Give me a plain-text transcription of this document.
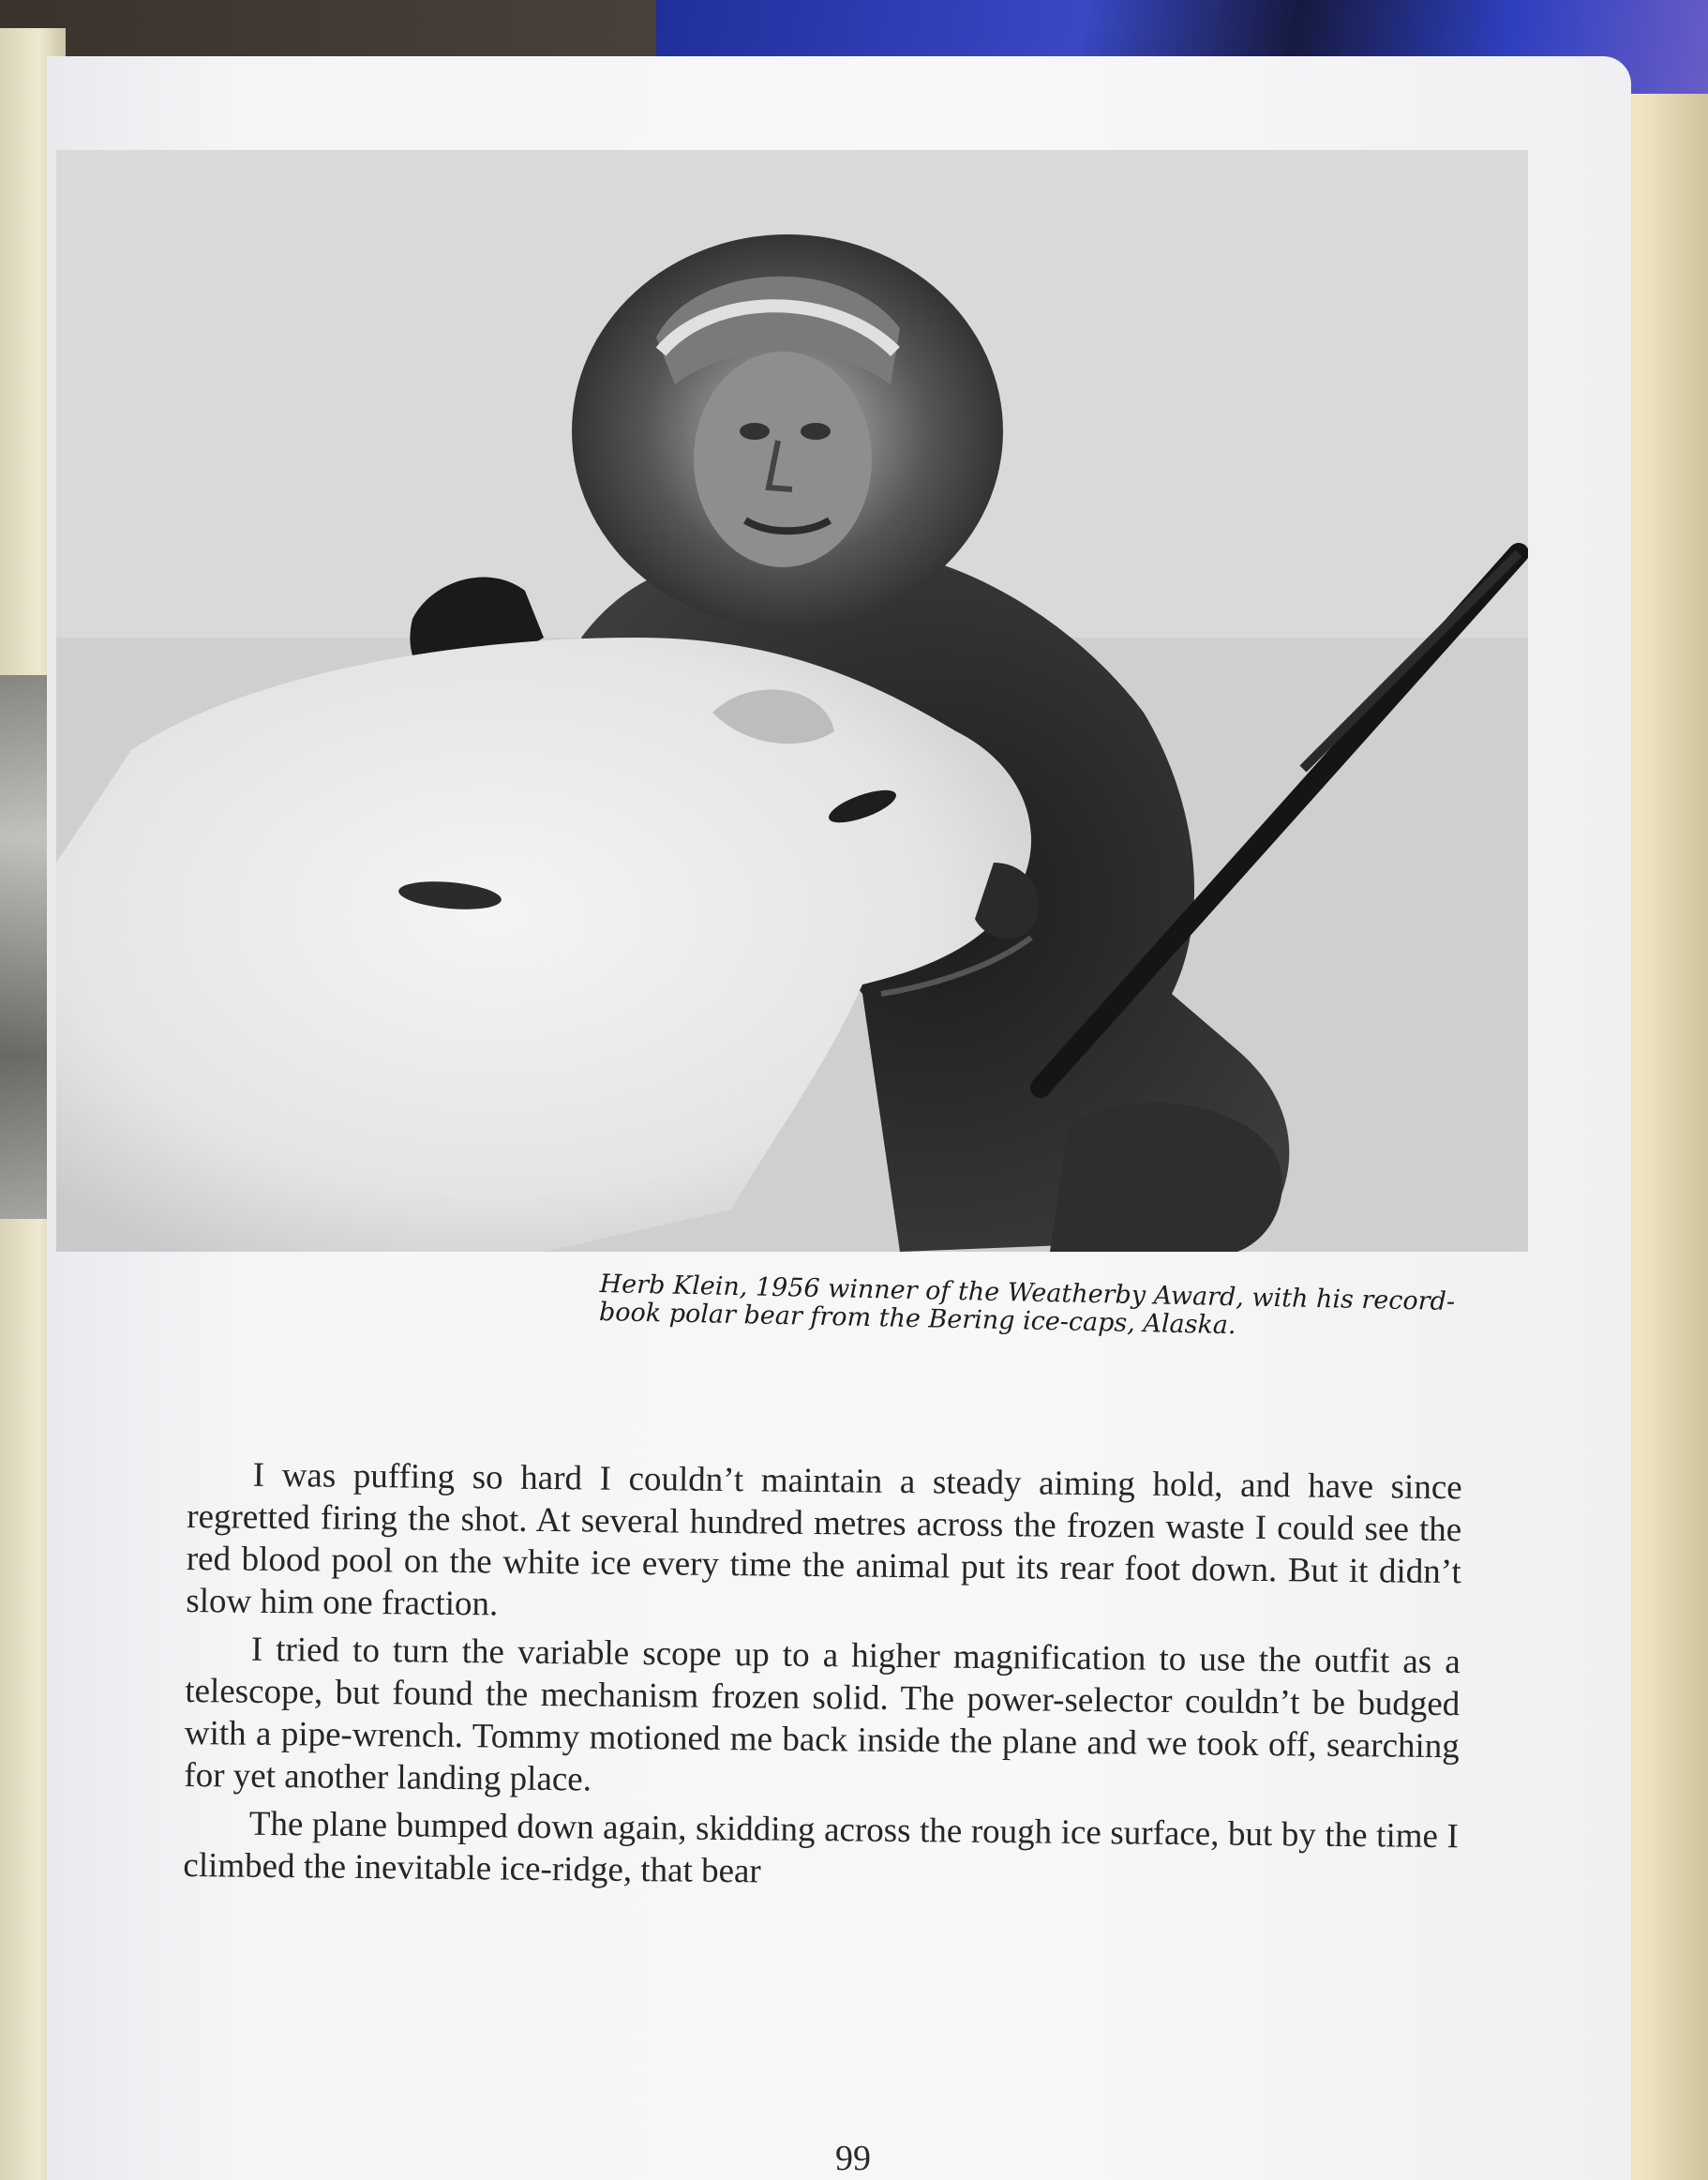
Herb Klein, 1956 winner of the Weatherby Award, with his record-book polar bear from the Bering ice-caps, Alaska.

I was puffing so hard I couldn’t maintain a steady aiming hold, and have since regretted firing the shot. At several hundred metres across the frozen waste I could see the red blood pool on the white ice every time the animal put its rear foot down. But it didn’t slow him one fraction.

I tried to turn the variable scope up to a higher magnification to use the outfit as a telescope, but found the mechanism frozen solid. The power-selector couldn’t be budged with a pipe-wrench. Tommy motioned me back inside the plane and we took off, searching for yet another landing place.

The plane bumped down again, skidding across the rough ice surface, but by the time I climbed the inevitable ice-ridge, that bear

99
